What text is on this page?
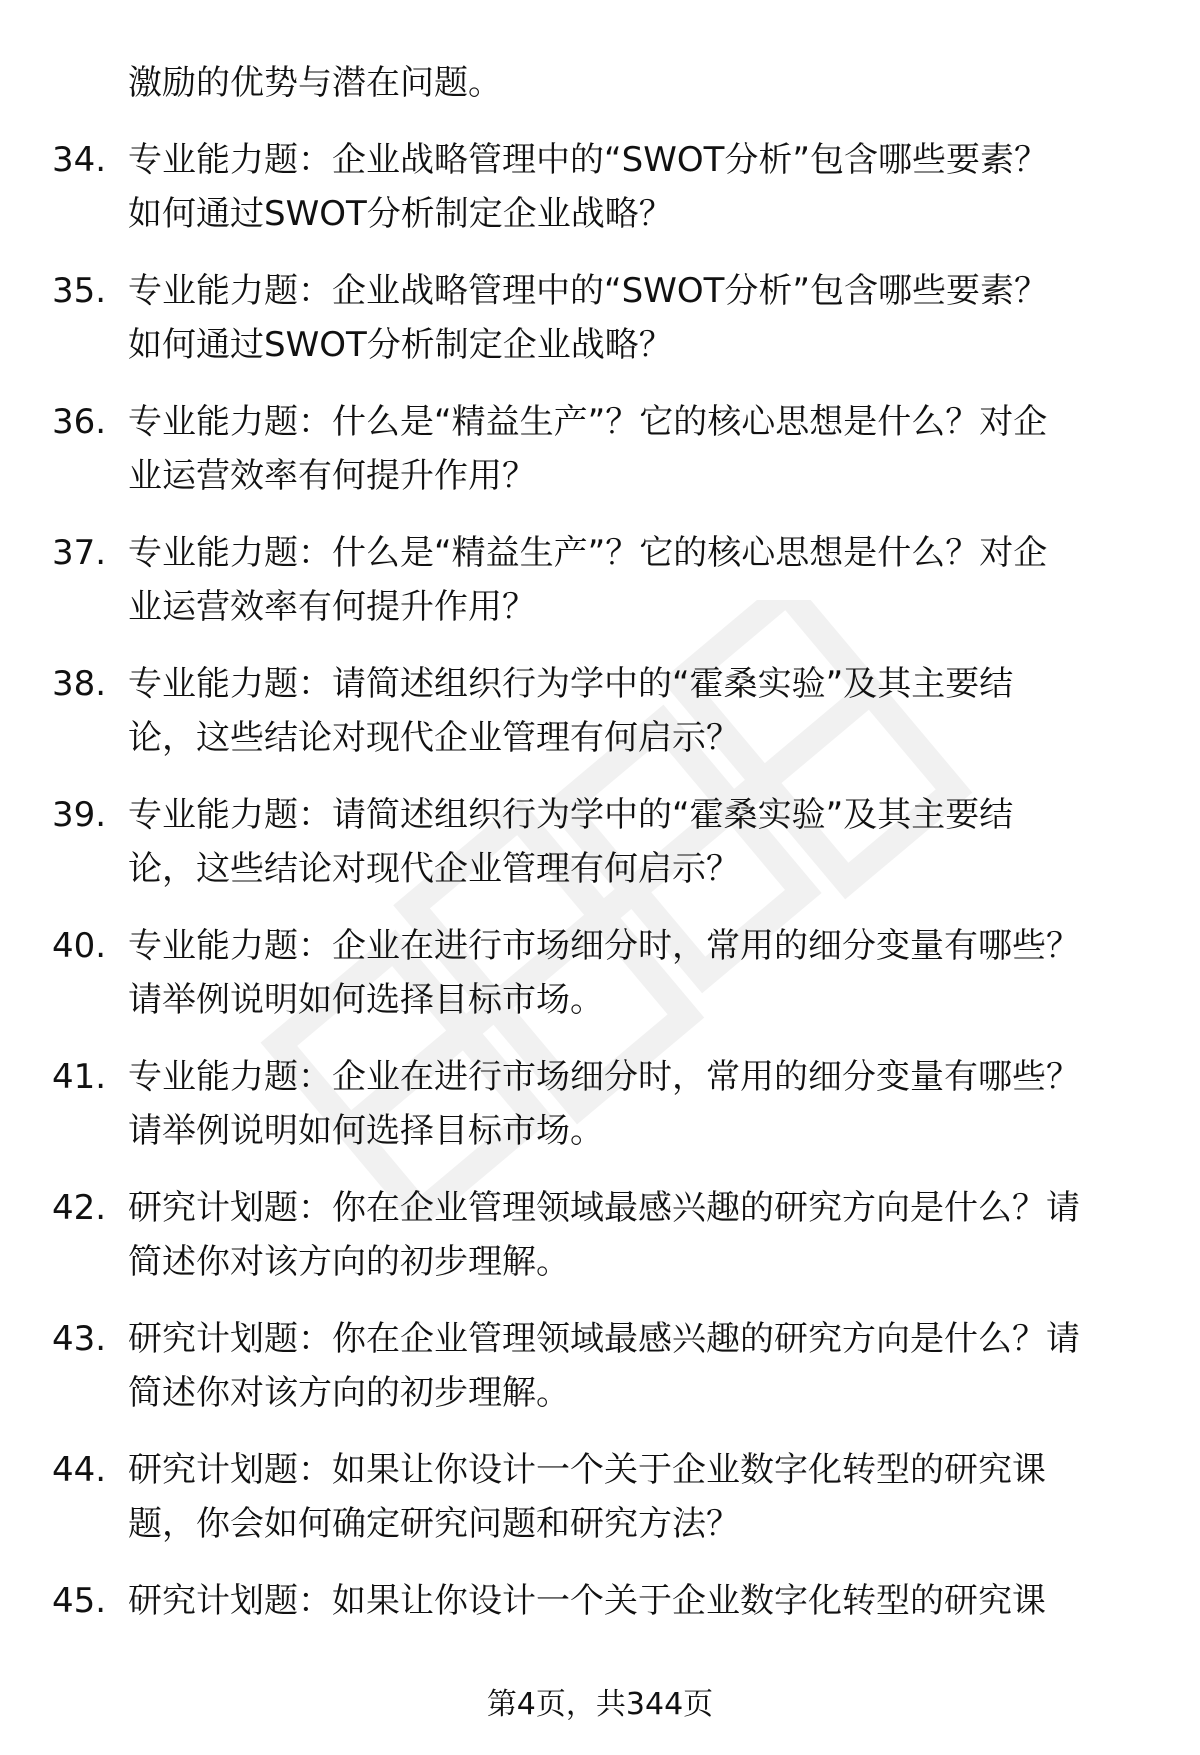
激励的优势与潜在问题。
34. 专业能力题：企业战略管理中的“SWOT分析”包含哪些要素？
如何通过SWOT分析制定企业战略？
35. 专业能力题：企业战略管理中的“SWOT分析”包含哪些要素？
如何通过SWOT分析制定企业战略？
36. 专业能力题：什么是“精益生产”？它的核心思想是什么？对企
业运营效率有何提升作用？
37. 专业能力题：什么是“精益生产”？它的核心思想是什么？对企
业运营效率有何提升作用？
38. 专业能力题：请简述组织行为学中的“霍桑实验”及其主要结
论，这些结论对现代企业管理有何启示？
39. 专业能力题：请简述组织行为学中的“霍桑实验”及其主要结
论，这些结论对现代企业管理有何启示？
40. 专业能力题：企业在进行市场细分时，常用的细分变量有哪些？
请举例说明如何选择目标市场。
41. 专业能力题：企业在进行市场细分时，常用的细分变量有哪些？
请举例说明如何选择目标市场。
42. 研究计划题：你在企业管理领域最感兴趣的研究方向是什么？请
简述你对该方向的初步理解。
43. 研究计划题：你在企业管理领域最感兴趣的研究方向是什么？请
简述你对该方向的初步理解。
44. 研究计划题：如果让你设计一个关于企业数字化转型的研究课
题，你会如何确定研究问题和研究方法？
45. 研究计划题：如果让你设计一个关于企业数字化转型的研究课
第4页，共344页
